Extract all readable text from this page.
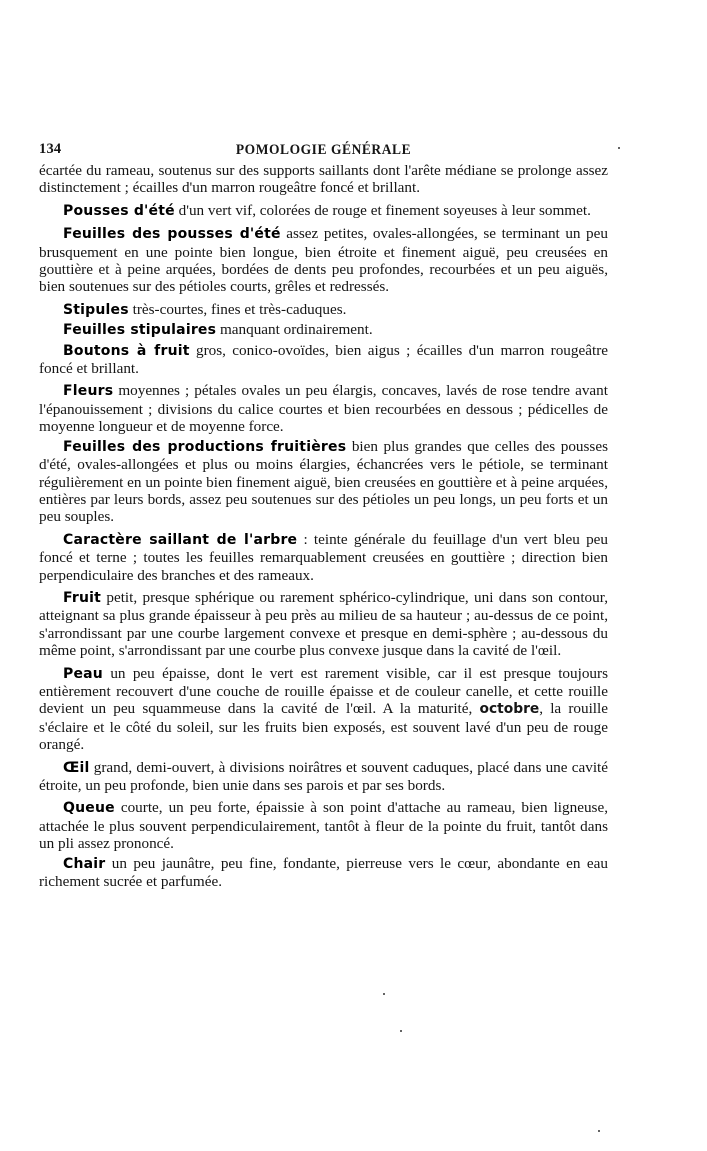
134	POMOLOGIE GÉNÉRALE

écartée du rameau, soutenus sur des supports saillants dont l'arête médiane se prolonge assez distinctement ; écailles d'un marron rougeâtre foncé et brillant.

Pousses d'été d'un vert vif, colorées de rouge et finement soyeuses à leur sommet.

Feuilles des pousses d'été assez petites, ovales-allongées, se terminant un peu brusquement en une pointe bien longue, bien étroite et finement aiguë, peu creusées en gouttière et à peine arquées, bordées de dents peu profondes, recourbées et un peu aiguës, bien soutenues sur des pétioles courts, grêles et redressés.

Stipules très-courtes, fines et très-caduques.

Feuilles stipulaires manquant ordinairement.

Boutons à fruit gros, conico-ovoïdes, bien aigus ; écailles d'un marron rougeâtre foncé et brillant.

Fleurs moyennes ; pétales ovales un peu élargis, concaves, lavés de rose tendre avant l'épanouissement ; divisions du calice courtes et bien recourbées en dessous ; pédicelles de moyenne longueur et de moyenne force.

Feuilles des productions fruitières bien plus grandes que celles des pousses d'été, ovales-allongées et plus ou moins élargies, échancrées vers le pétiole, se terminant régulièrement en un pointe bien finement aiguë, bien creusées en gouttière et à peine arquées, entières par leurs bords, assez peu soutenues sur des pétioles un peu longs, un peu forts et un peu souples.

Caractère saillant de l'arbre : teinte générale du feuillage d'un vert bleu peu foncé et terne ; toutes les feuilles remarquablement creusées en gouttière ; direction bien perpendiculaire des branches et des rameaux.

Fruit petit, presque sphérique ou rarement sphérico-cylindrique, uni dans son contour, atteignant sa plus grande épaisseur à peu près au milieu de sa hauteur ; au-dessus de ce point, s'arrondissant par une courbe largement convexe et presque en demi-sphère ; au-dessous du même point, s'arrondissant par une courbe plus convexe jusque dans la cavité de l'œil.

Peau un peu épaisse, dont le vert est rarement visible, car il est presque toujours entièrement recouvert d'une couche de rouille épaisse et de couleur canelle, et cette rouille devient un peu squammeuse dans la cavité de l'œil. A la maturité, octobre, la rouille s'éclaire et le côté du soleil, sur les fruits bien exposés, est souvent lavé d'un peu de rouge orangé.

Œil grand, demi-ouvert, à divisions noirâtres et souvent caduques, placé dans une cavité étroite, un peu profonde, bien unie dans ses parois et par ses bords.

Queue courte, un peu forte, épaissie à son point d'attache au rameau, bien ligneuse, attachée le plus souvent perpendiculairement, tantôt à fleur de la pointe du fruit, tantôt dans un pli assez prononcé.

Chair un peu jaunâtre, peu fine, fondante, pierreuse vers le cœur, abondante en eau richement sucrée et parfumée.
